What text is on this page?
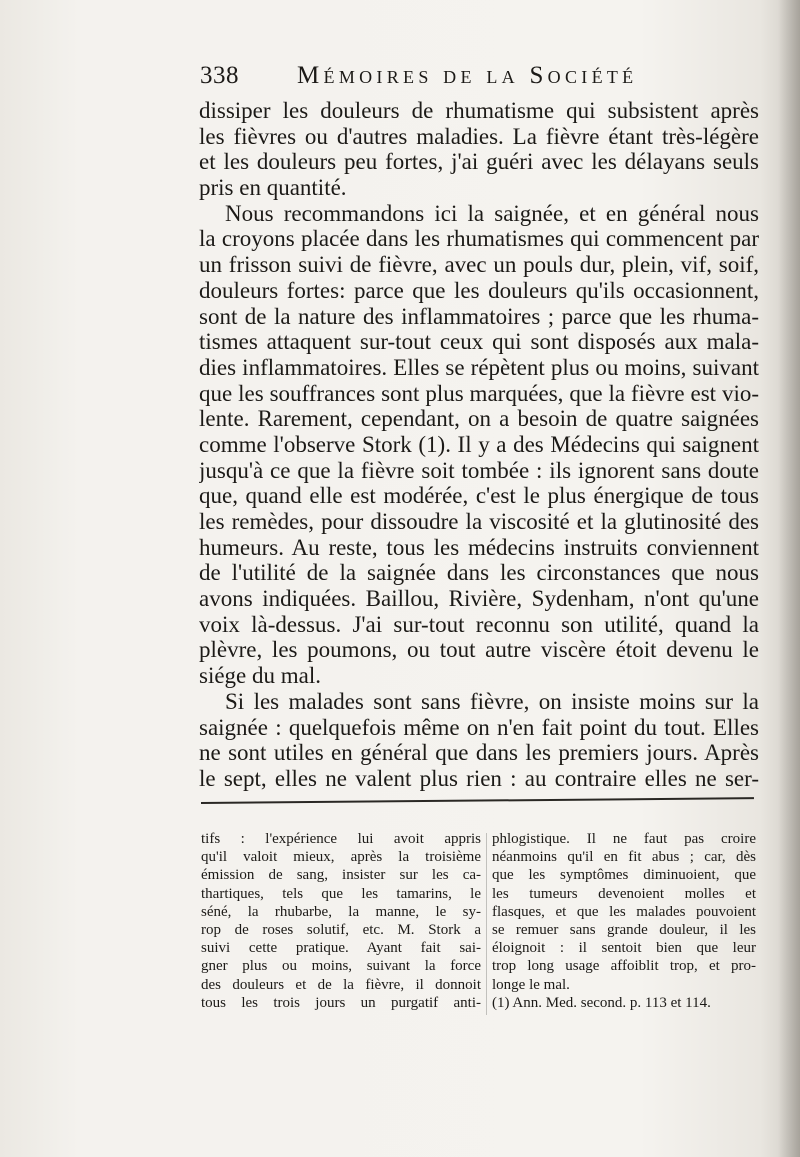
338 Mémoires de la Société
dissiper les douleurs de rhumatisme qui subsistent après
les fièvres ou d'autres maladies. La fièvre étant très-légère
et les douleurs peu fortes, j'ai guéri avec les délayans seuls
pris en quantité.
Nous recommandons ici la saignée, et en général nous
la croyons placée dans les rhumatismes qui commencent par
un frisson suivi de fièvre, avec un pouls dur, plein, vif, soif,
douleurs fortes: parce que les douleurs qu'ils occasionnent,
sont de la nature des inflammatoires ; parce que les rhuma-
tismes attaquent sur-tout ceux qui sont disposés aux mala-
dies inflammatoires. Elles se répètent plus ou moins, suivant
que les souffrances sont plus marquées, que la fièvre est vio-
lente. Rarement, cependant, on a besoin de quatre saignées
comme l'observe Stork (1). Il y a des Médecins qui saignent
jusqu'à ce que la fièvre soit tombée : ils ignorent sans doute
que, quand elle est modérée, c'est le plus énergique de tous
les remèdes, pour dissoudre la viscosité et la glutinosité des
humeurs. Au reste, tous les médecins instruits conviennent
de l'utilité de la saignée dans les circonstances que nous
avons indiquées. Baillou, Rivière, Sydenham, n'ont qu'une
voix là-dessus. J'ai sur-tout reconnu son utilité, quand la
plèvre, les poumons, ou tout autre viscère étoit devenu le
siége du mal.
Si les malades sont sans fièvre, on insiste moins sur la
saignée : quelquefois même on n'en fait point du tout. Elles
ne sont utiles en général que dans les premiers jours. Après
le sept, elles ne valent plus rien : au contraire elles ne ser-
tifs : l'expérience lui avoit appris
qu'il valoit mieux, après la troisième
émission de sang, insister sur les ca-
thartiques, tels que les tamarins, le
séné, la rhubarbe, la manne, le sy-
rop de roses solutif, etc. M. Stork a
suivi cette pratique. Ayant fait sai-
gner plus ou moins, suivant la force
des douleurs et de la fièvre, il donnoit
tous les trois jours un purgatif anti-
phlogistique. Il ne faut pas croire
néanmoins qu'il en fit abus ; car, dès
que les symptômes diminuoient, que
les tumeurs devenoient molles et
flasques, et que les malades pouvoient
se remuer sans grande douleur, il les
éloignoit : il sentoit bien que leur
trop long usage affoiblit trop, et pro-
longe le mal.
(1) Ann. Med. second. p. 113 et 114.
